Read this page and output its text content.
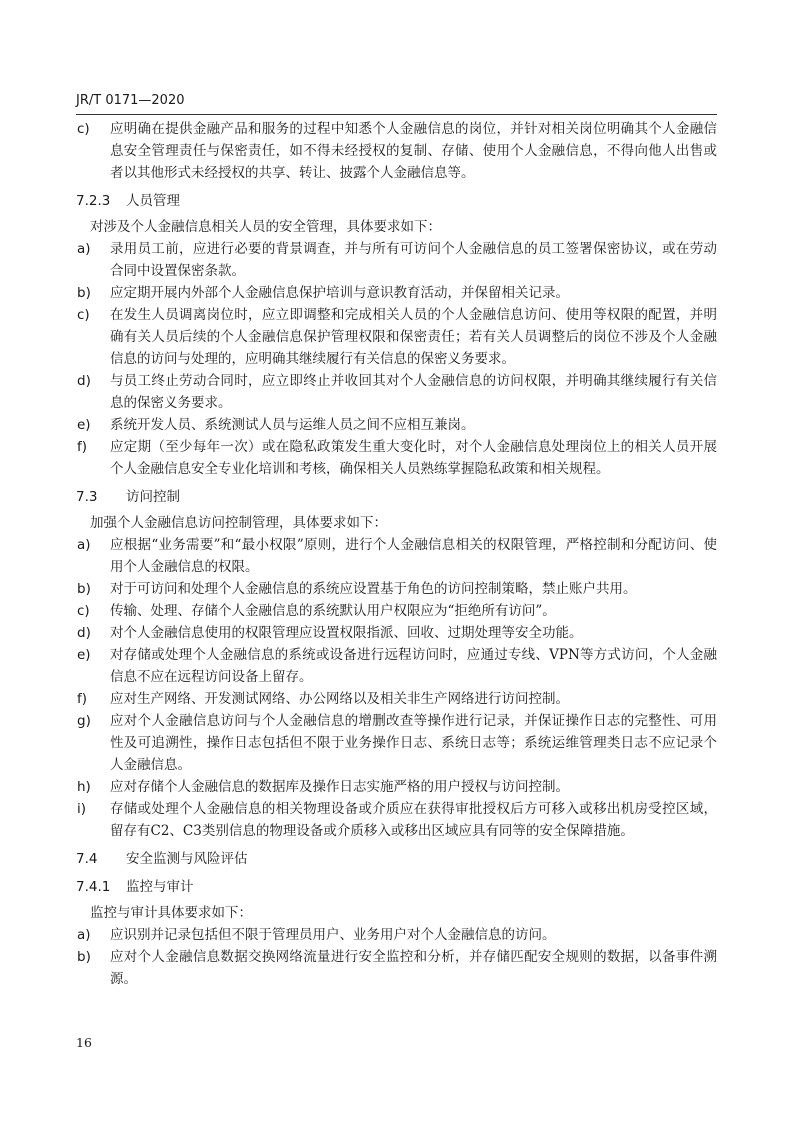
JR/T 0171—2020
c)	应明确在提供金融产品和服务的过程中知悉个人金融信息的岗位，并针对相关岗位明确其个人金融信息安全管理责任与保密责任，如不得未经授权的复制、存储、使用个人金融信息，不得向他人出售或者以其他形式未经授权的共享、转让、披露个人金融信息等。
7.2.3	人员管理
对涉及个人金融信息相关人员的安全管理，具体要求如下：
a)	录用员工前，应进行必要的背景调查，并与所有可访问个人金融信息的员工签署保密协议，或在劳动合同中设置保密条款。
b)	应定期开展内外部个人金融信息保护培训与意识教育活动，并保留相关记录。
c)	在发生人员调离岗位时，应立即调整和完成相关人员的个人金融信息访问、使用等权限的配置，并明确有关人员后续的个人金融信息保护管理权限和保密责任；若有关人员调整后的岗位不涉及个人金融信息的访问与处理的，应明确其继续履行有关信息的保密义务要求。
d)	与员工终止劳动合同时，应立即终止并收回其对个人金融信息的访问权限，并明确其继续履行有关信息的保密义务要求。
e)	系统开发人员、系统测试人员与运维人员之间不应相互兼岗。
f)	应定期（至少每年一次）或在隐私政策发生重大变化时，对个人金融信息处理岗位上的相关人员开展个人金融信息安全专业化培训和考核，确保相关人员熟练掌握隐私政策和相关规程。
7.3	访问控制
加强个人金融信息访问控制管理，具体要求如下：
a)	应根据“业务需要”和“最小权限”原则，进行个人金融信息相关的权限管理，严格控制和分配访问、使用个人金融信息的权限。
b)	对于可访问和处理个人金融信息的系统应设置基于角色的访问控制策略，禁止账户共用。
c)	传输、处理、存储个人金融信息的系统默认用户权限应为“拒绝所有访问”。
d)	对个人金融信息使用的权限管理应设置权限指派、回收、过期处理等安全功能。
e)	对存储或处理个人金融信息的系统或设备进行远程访问时，应通过专线、VPN等方式访问，个人金融信息不应在远程访问设备上留存。
f)	应对生产网络、开发测试网络、办公网络以及相关非生产网络进行访问控制。
g)	应对个人金融信息访问与个人金融信息的增删改查等操作进行记录，并保证操作日志的完整性、可用性及可追溯性，操作日志包括但不限于业务操作日志、系统日志等；系统运维管理类日志不应记录个人金融信息。
h)	应对存储个人金融信息的数据库及操作日志实施严格的用户授权与访问控制。
i)	存储或处理个人金融信息的相关物理设备或介质应在获得审批授权后方可移入或移出机房受控区域，留存有C2、C3类别信息的物理设备或介质移入或移出区域应具有同等的安全保障措施。
7.4	安全监测与风险评估
7.4.1	监控与审计
监控与审计具体要求如下：
a)	应识别并记录包括但不限于管理员用户、业务用户对个人金融信息的访问。
b)	应对个人金融信息数据交换网络流量进行安全监控和分析，并存储匹配安全规则的数据，以备事件溯源。
16
